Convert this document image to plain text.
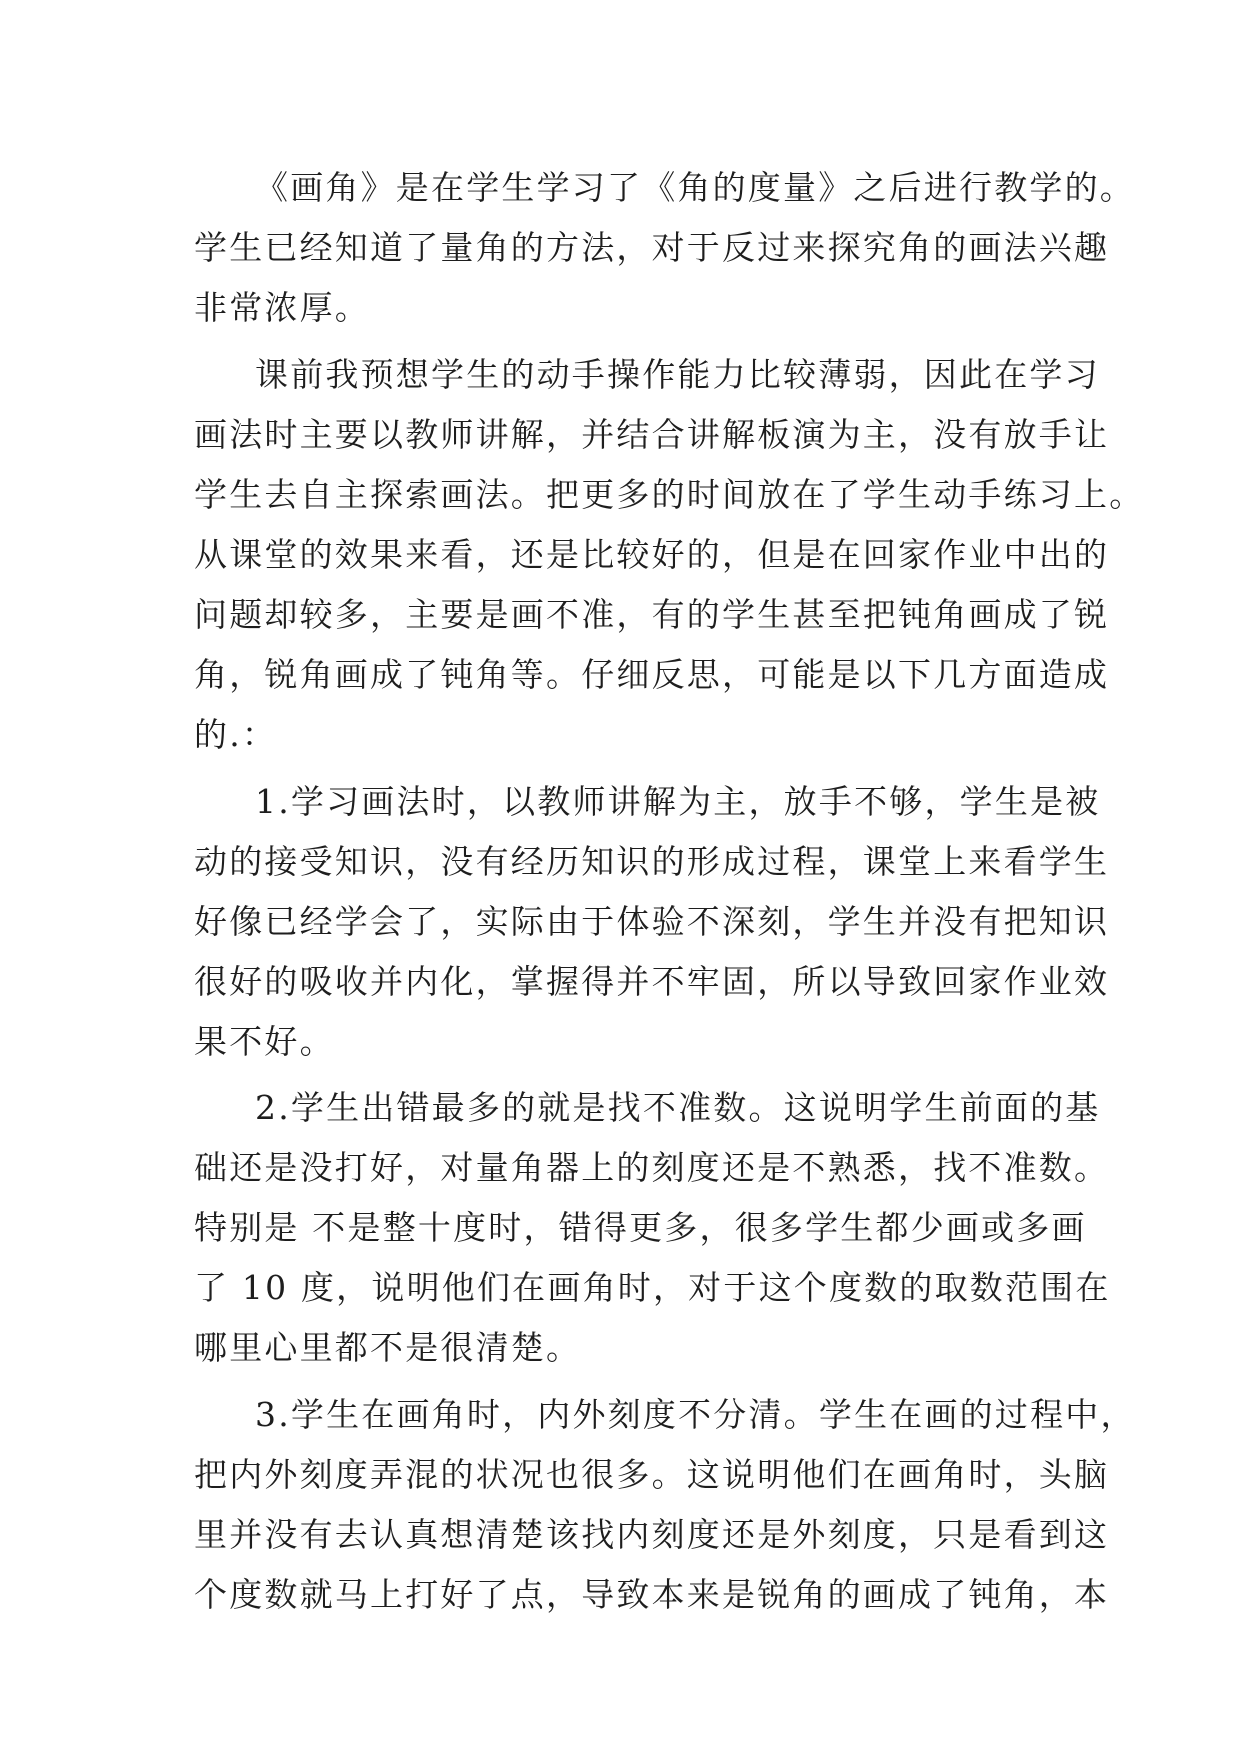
《画角》是在学生学习了《角的度量》之后进行教学的。
学生已经知道了量角的方法，对于反过来探究角的画法兴趣
非常浓厚。
课前我预想学生的动手操作能力比较薄弱，因此在学习
画法时主要以教师讲解，并结合讲解板演为主，没有放手让
学生去自主探索画法。把更多的时间放在了学生动手练习上。
从课堂的效果来看，还是比较好的，但是在回家作业中出的
问题却较多，主要是画不准，有的学生甚至把钝角画成了锐
角，锐角画成了钝角等。仔细反思，可能是以下几方面造成
的.：
1.学习画法时，以教师讲解为主，放手不够，学生是被
动的接受知识，没有经历知识的形成过程，课堂上来看学生
好像已经学会了，实际由于体验不深刻，学生并没有把知识
很好的吸收并内化，掌握得并不牢固，所以导致回家作业效
果不好。
2.学生出错最多的就是找不准数。这说明学生前面的基
础还是没打好，对量角器上的刻度还是不熟悉，找不准数。
特别是 不是整十度时，错得更多，很多学生都少画或多画
了 10 度，说明他们在画角时，对于这个度数的取数范围在
哪里心里都不是很清楚。
3.学生在画角时，内外刻度不分清。学生在画的过程中，
把内外刻度弄混的状况也很多。这说明他们在画角时，头脑
里并没有去认真想清楚该找内刻度还是外刻度，只是看到这
个度数就马上打好了点，导致本来是锐角的画成了钝角，本
